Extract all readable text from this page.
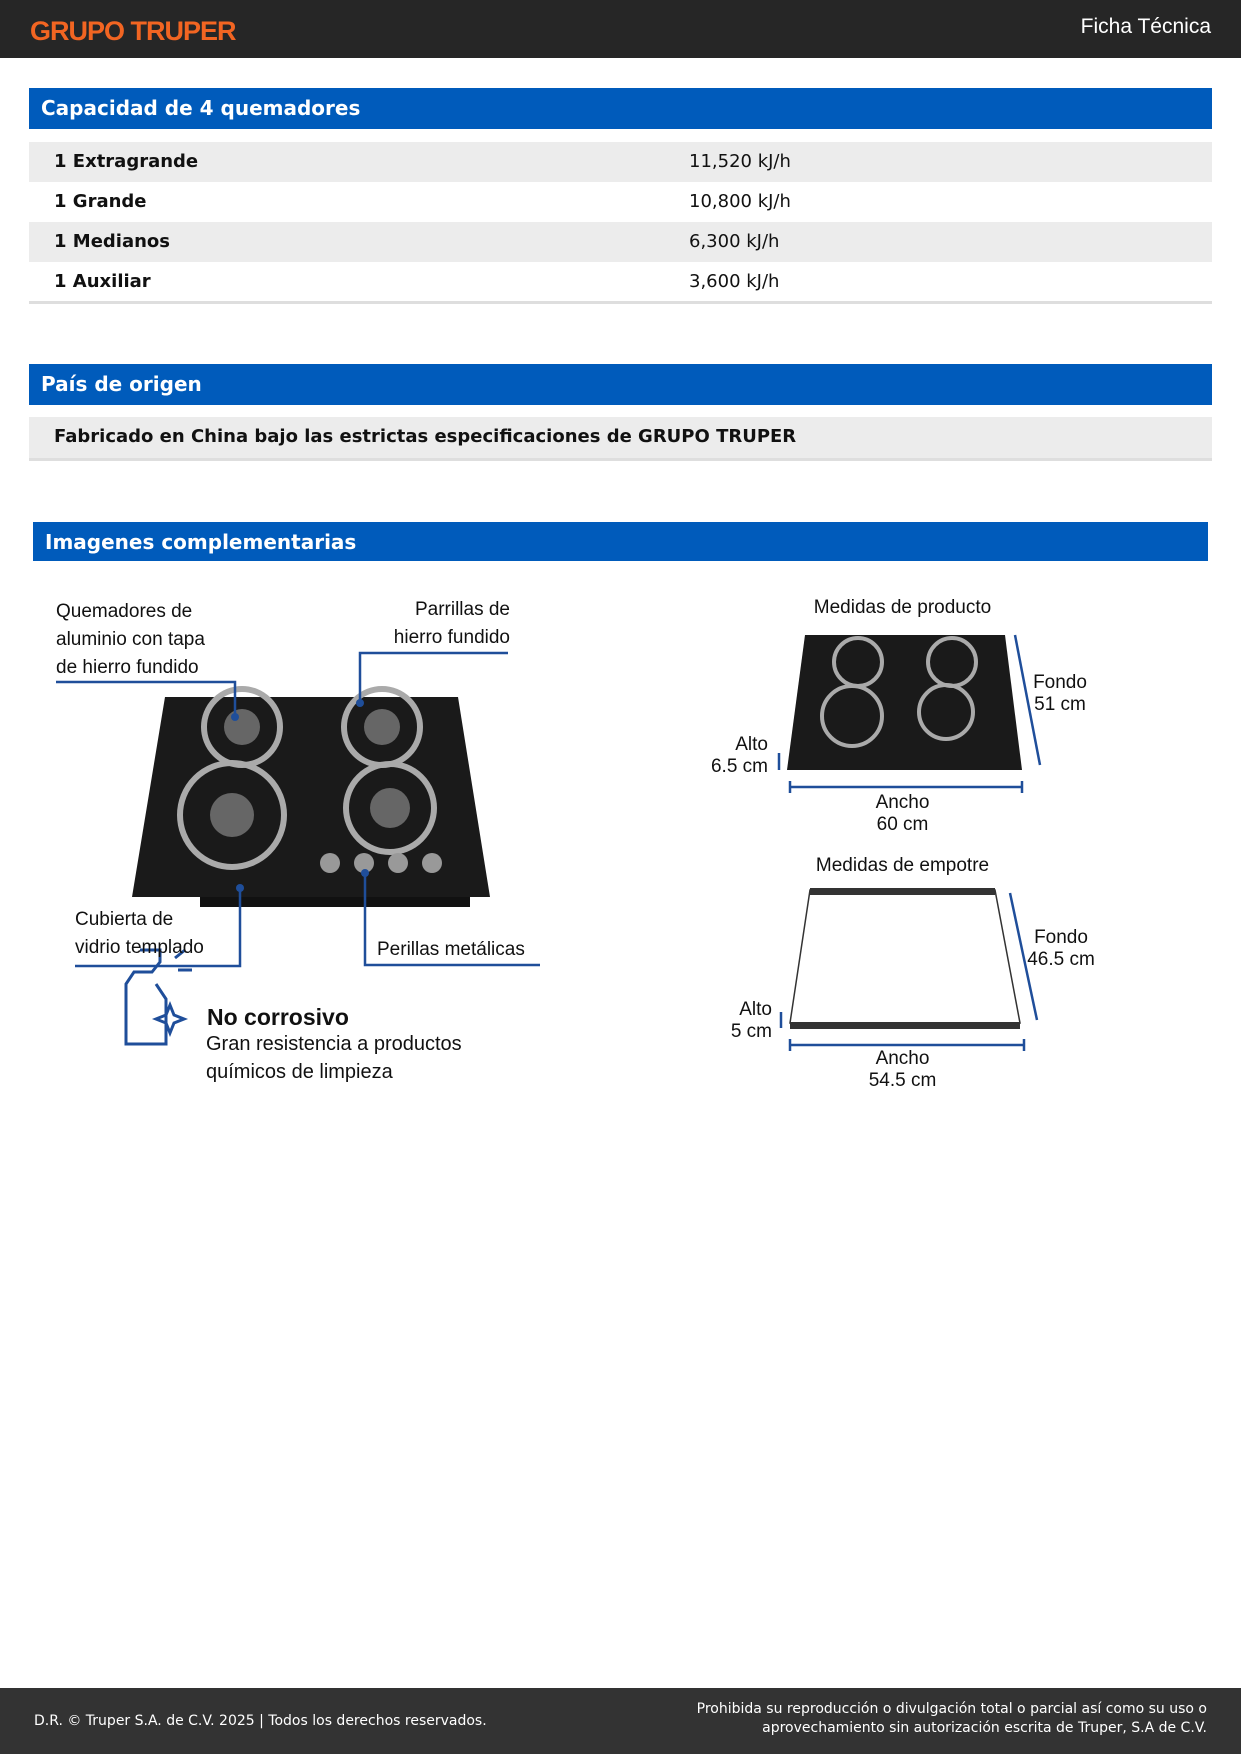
GRUPO TRUPER	Ficha Técnica
Capacidad de 4 quemadores
1 Extragrande	11,520 kJ/h
1 Grande	10,800 kJ/h
1 Medianos	6,300 kJ/h
1 Auxiliar	3,600 kJ/h
País de origen
Fabricado en China bajo las estrictas especificaciones de GRUPO TRUPER
Imagenes complementarias
Quemadores de
aluminio con tapa
de hierro fundido
Parrillas de
hierro fundido
Cubierta de
vidrio templado	Perillas metálicas
No corrosivo
Gran resistencia a productos
químicos de limpieza
Medidas de producto
Alto
6.5 cm
Fondo
51 cm
Ancho
60 cm
Medidas de empotre
Alto
5 cm
Fondo
46.5 cm
Ancho
54.5 cm
D.R. © Truper S.A. de C.V. 2025 | Todos los derechos reservados.
Prohibida su reproducción o divulgación total o parcial así como su uso o
aprovechamiento sin autorización escrita de Truper, S.A de C.V.
